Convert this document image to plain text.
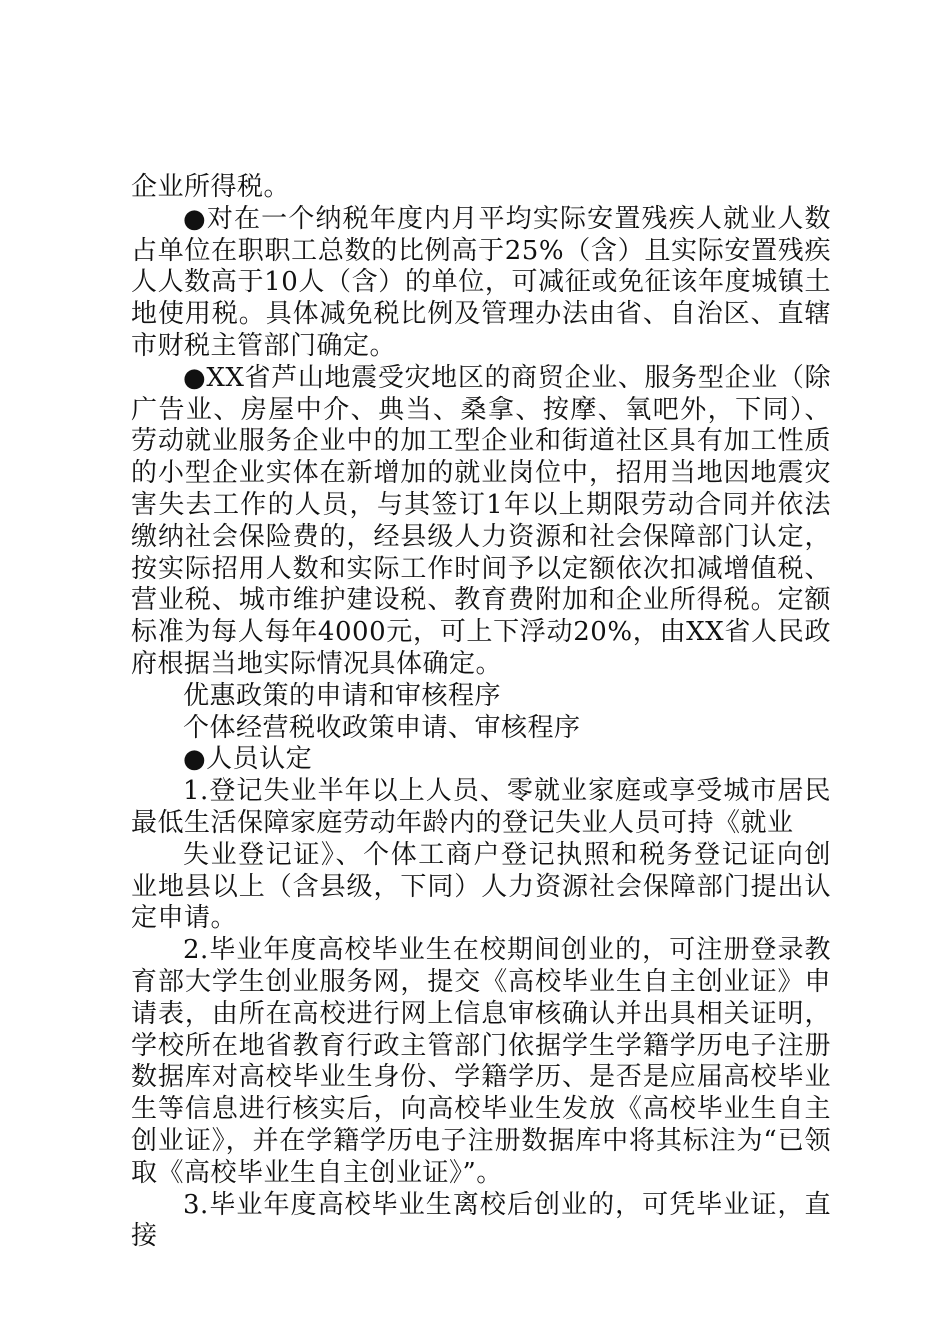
企业所得税。

●对在一个纳税年度内月平均实际安置残疾人就业人数占单位在职职工总数的比例高于25%（含）且实际安置残疾人人数高于10人（含）的单位，可减征或免征该年度城镇土地使用税。具体减免税比例及管理办法由省、自治区、直辖市财税主管部门确定。

●XX省芦山地震受灾地区的商贸企业、服务型企业（除广告业、房屋中介、典当、桑拿、按摩、氧吧外，下同）、劳动就业服务企业中的加工型企业和街道社区具有加工性质的小型企业实体在新增加的就业岗位中，招用当地因地震灾害失去工作的人员，与其签订1年以上期限劳动合同并依法缴纳社会保险费的，经县级人力资源和社会保障部门认定，按实际招用人数和实际工作时间予以定额依次扣减增值税、营业税、城市维护建设税、教育费附加和企业所得税。定额标准为每人每年4000元，可上下浮动20%，由XX省人民政府根据当地实际情况具体确定。

优惠政策的申请和审核程序

个体经营税收政策申请、审核程序

●人员认定

1.登记失业半年以上人员、零就业家庭或享受城市居民最低生活保障家庭劳动年龄内的登记失业人员可持《就业

失业登记证》、个体工商户登记执照和税务登记证向创业地县以上（含县级，下同）人力资源社会保障部门提出认定申请。

2.毕业年度高校毕业生在校期间创业的，可注册登录教育部大学生创业服务网，提交《高校毕业生自主创业证》申请表，由所在高校进行网上信息审核确认并出具相关证明，学校所在地省教育行政主管部门依据学生学籍学历电子注册数据库对高校毕业生身份、学籍学历、是否是应届高校毕业生等信息进行核实后，向高校毕业生发放《高校毕业生自主创业证》，并在学籍学历电子注册数据库中将其标注为“已领取《高校毕业生自主创业证》”。

3.毕业年度高校毕业生离校后创业的，可凭毕业证，直接
